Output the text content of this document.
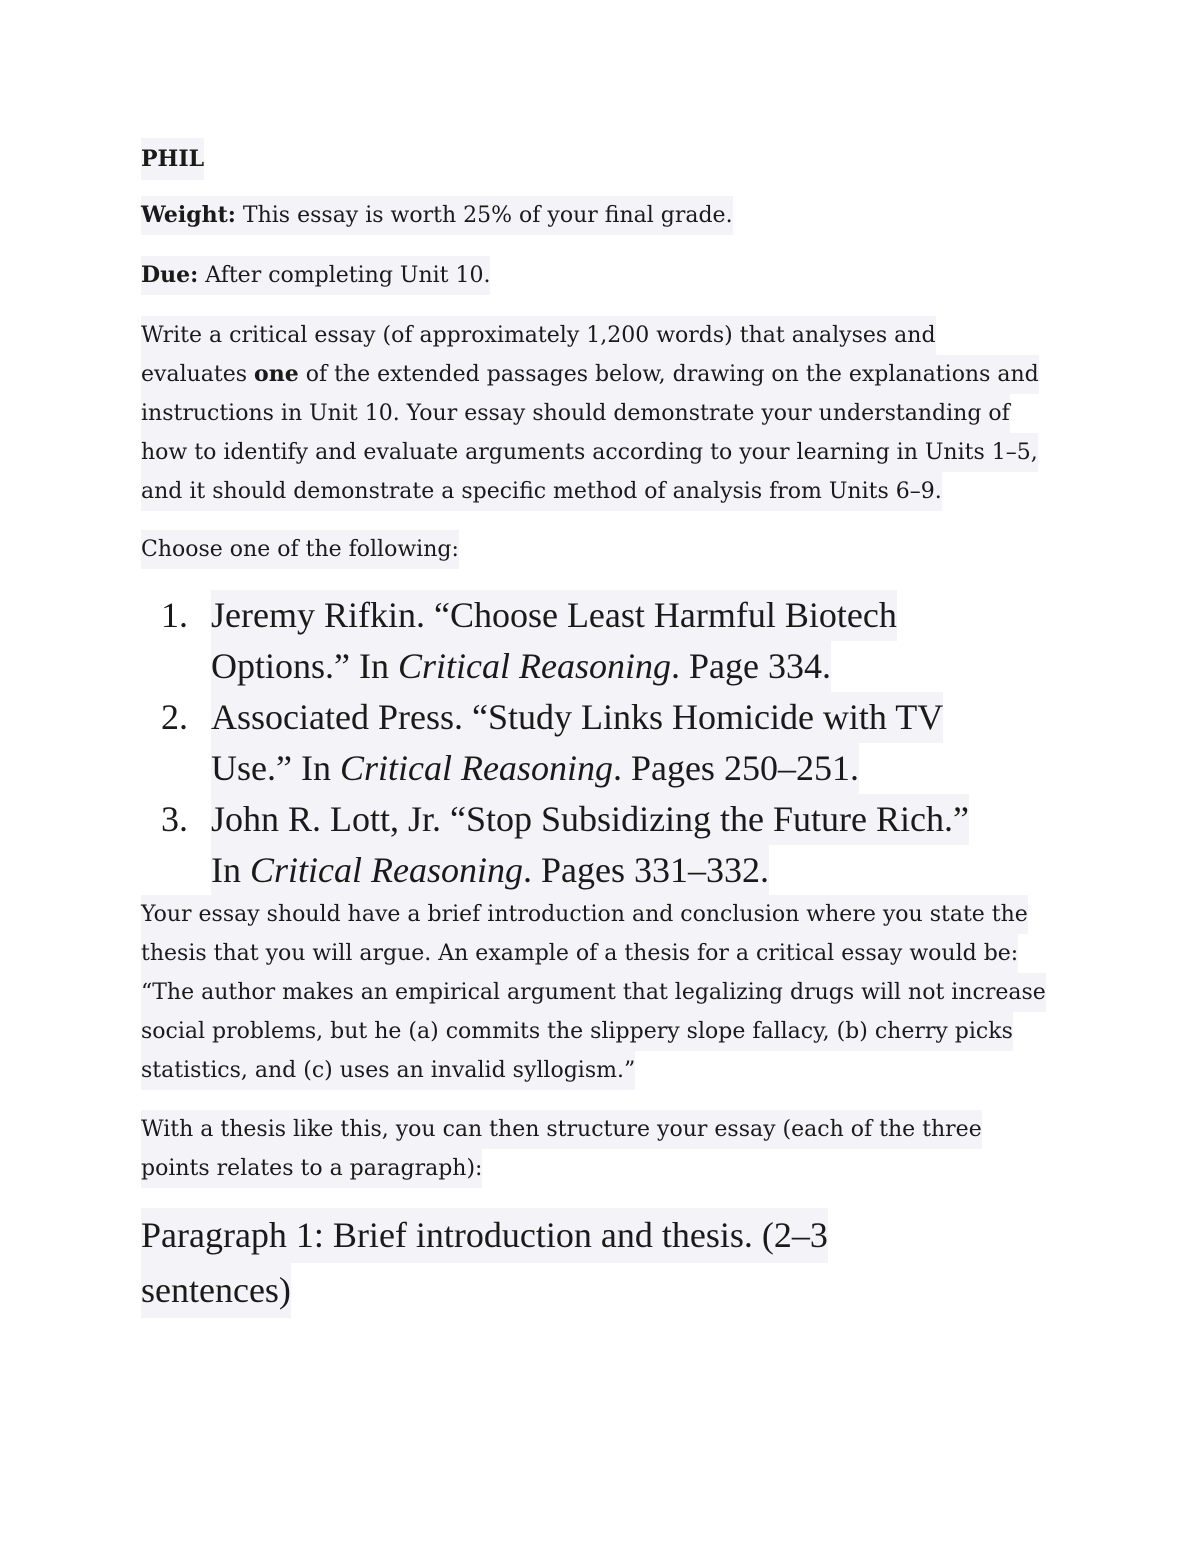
PHIL

Weight: This essay is worth 25% of your final grade.

Due: After completing Unit 10.

Write a critical essay (of approximately 1,200 words) that analyses and
evaluates one of the extended passages below, drawing on the explanations and
instructions in Unit 10. Your essay should demonstrate your understanding of
how to identify and evaluate arguments according to your learning in Units 1–5,
and it should demonstrate a specific method of analysis from Units 6–9.

Choose one of the following:

1. Jeremy Rifkin. “Choose Least Harmful Biotech
Options.” In Critical Reasoning. Page 334.
2. Associated Press. “Study Links Homicide with TV
Use.” In Critical Reasoning. Pages 250–251.
3. John R. Lott, Jr. “Stop Subsidizing the Future Rich.”
In Critical Reasoning. Pages 331–332.

Your essay should have a brief introduction and conclusion where you state the
thesis that you will argue. An example of a thesis for a critical essay would be:
“The author makes an empirical argument that legalizing drugs will not increase
social problems, but he (a) commits the slippery slope fallacy, (b) cherry picks
statistics, and (c) uses an invalid syllogism.”

With a thesis like this, you can then structure your essay (each of the three
points relates to a paragraph):

Paragraph 1: Brief introduction and thesis. (2–3
sentences)
